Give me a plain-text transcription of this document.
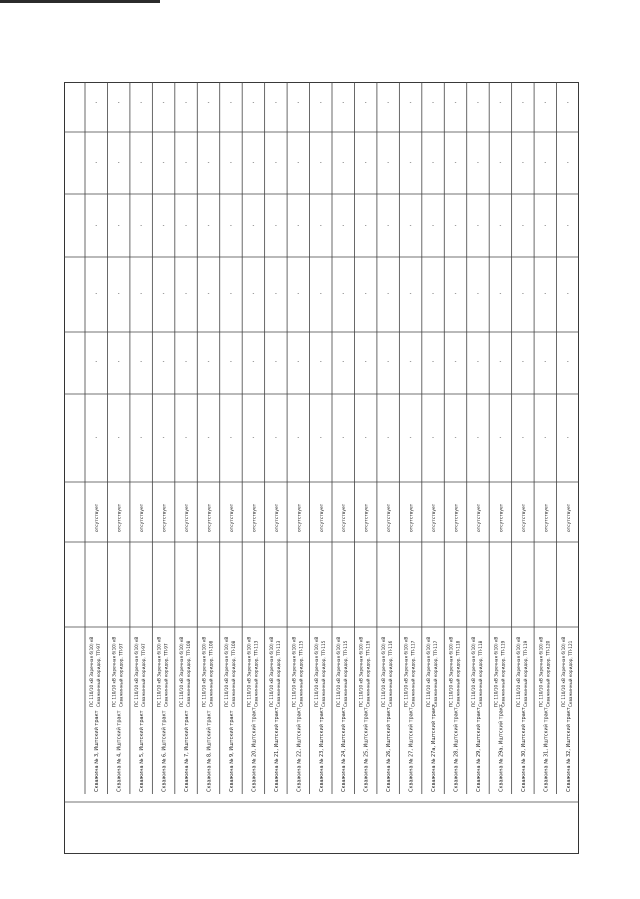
Скважина № 3, Иштский тракт
ПС 110/10 кВ Заречная 6(10) кВ Скважинный коридор, ТП-97
отсутствует
-
-
-
-
-
-
Скважина № 4, Иштский тракт
ПС 110/10 кВ Заречная 6(10) кВ Скважинный коридор, ТП-97
отсутствует
-
-
-
-
-
-
Скважина № 5, Иштский тракт
ПС 110/10 кВ Заречная 6(10) кВ Скважинный коридор, ТП-97
отсутствует
-
-
-
-
-
-
Скважина № 6, Иштский тракт
ПС 110/10 кВ Заречная 6(10) кВ Скважинный коридор, ТП-97
отсутствует
-
-
-
-
-
-
Скважина № 7, Иштский тракт
ПС 110/10 кВ Заречная 6(10) кВ Скважинный коридор, ТП-108
отсутствует
-
-
-
-
-
-
Скважина № 8, Иштский тракт
ПС 110/10 кВ Заречная 6(10) кВ Скважинный коридор, ТП-108
отсутствует
-
-
-
-
-
-
Скважина № 9, Иштский тракт
ПС 110/10 кВ Заречная 6(10) кВ Скважинный коридор, ТП-108
отсутствует
-
-
-
-
-
-
Скважина № 20, Иштский тракт
ПС 110/10 кВ Заречная 6(10) кВ Скважинный коридор, ТП-113
отсутствует
-
-
-
-
-
-
Скважина № 21, Иштский тракт
ПС 110/10 кВ Заречная 6(10) кВ Скважинный коридор, ТП-113
отсутствует
-
-
-
-
-
-
Скважина № 22, Иштский тракт
ПС 110/10 кВ Заречная 6(10) кВ Скважинный коридор, ТП-115
отсутствует
-
-
-
-
-
-
Скважина № 23, Иштский тракт
ПС 110/10 кВ Заречная 6(10) кВ Скважинный коридор, ТП-115
отсутствует
-
-
-
-
-
-
Скважина № 24, Иштский тракт
ПС 110/10 кВ Заречная 6(10) кВ Скважинный коридор, ТП-115
отсутствует
-
-
-
-
-
-
Скважина № 25, Иштский тракт
ПС 110/10 кВ Заречная 6(10) кВ Скважинный коридор, ТП-116
отсутствует
-
-
-
-
-
-
Скважина № 26, Иштский тракт
ПС 110/10 кВ Заречная 6(10) кВ Скважинный коридор, ТП-116
отсутствует
-
-
-
-
-
-
Скважина № 27, Иштский тракт
ПС 110/10 кВ Заречная 6(10) кВ Скважинный коридор, ТП-117
отсутствует
-
-
-
-
-
-
Скважина № 27а, Иштский тракт
ПС 110/10 кВ Заречная 6(10) кВ Скважинный коридор, ТП-117
отсутствует
-
-
-
-
-
-
Скважина № 28, Иштский тракт
ПС 110/10 кВ Заречная 6(10) кВ Скважинный коридор, ТП-118
отсутствует
-
-
-
-
-
-
Скважина № 29, Иштский тракт
ПС 110/10 кВ Заречная 6(10) кВ Скважинный коридор, ТП-118
отсутствует
-
-
-
-
-
-
Скважина № 29а, Иштский тракт
ПС 110/10 кВ Заречная 6(10) кВ Скважинный коридор, ТП-119
отсутствует
-
-
-
-
-
-
Скважина № 30, Иштский тракт
ПС 110/10 кВ Заречная 6(10) кВ Скважинный коридор, ТП-119
отсутствует
-
-
-
-
-
-
Скважина № 31, Иштский тракт
ПС 110/10 кВ Заречная 6(10) кВ Скважинный коридор, ТП-120
отсутствует
-
-
-
-
-
-
Скважина № 32, Иштский тракт
ПС 110/10 кВ Заречная 6(10) кВ Скважинный коридор, ТП-121
отсутствует
-
-
-
-
-
-
